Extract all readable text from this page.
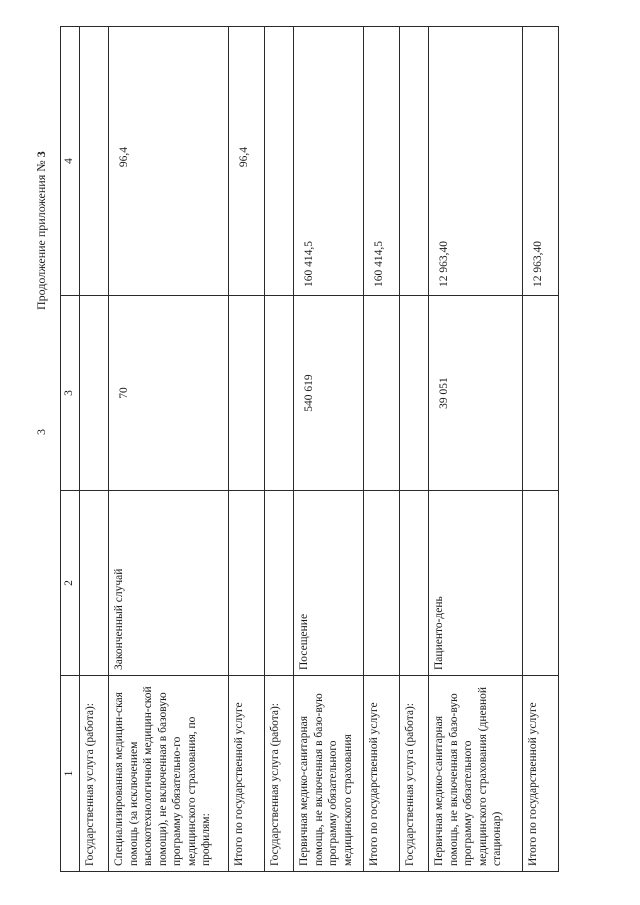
3
Продолжение приложения № 3
1	2	3	4
Государственная услуга (работа):			
Специализированная медицин-ская помощь (за исключением высокотехнологичной медицин-ской помощи), не включенная в базовую программу обязательно-го медицинского страхования, по профилям:	Законченный случай	70	96,4
Итого по государственной услуге			96,4
Государственная услуга (работа):			
Первичная медико-санитарная помощь, не включенная в базо-вую программу обязательного медицинского страхования	Посещение	540 619	160 414,5
Итого по государственной услуге			160 414,5
Государственная услуга (работа):			
Первичная медико-санитарная помощь, не включенная в базо-вую программу обязательного медицинского страхования (дневной стационар)	Пациенто-день	39 051	12 963,40
Итого по государственной услуге			12 963,40
